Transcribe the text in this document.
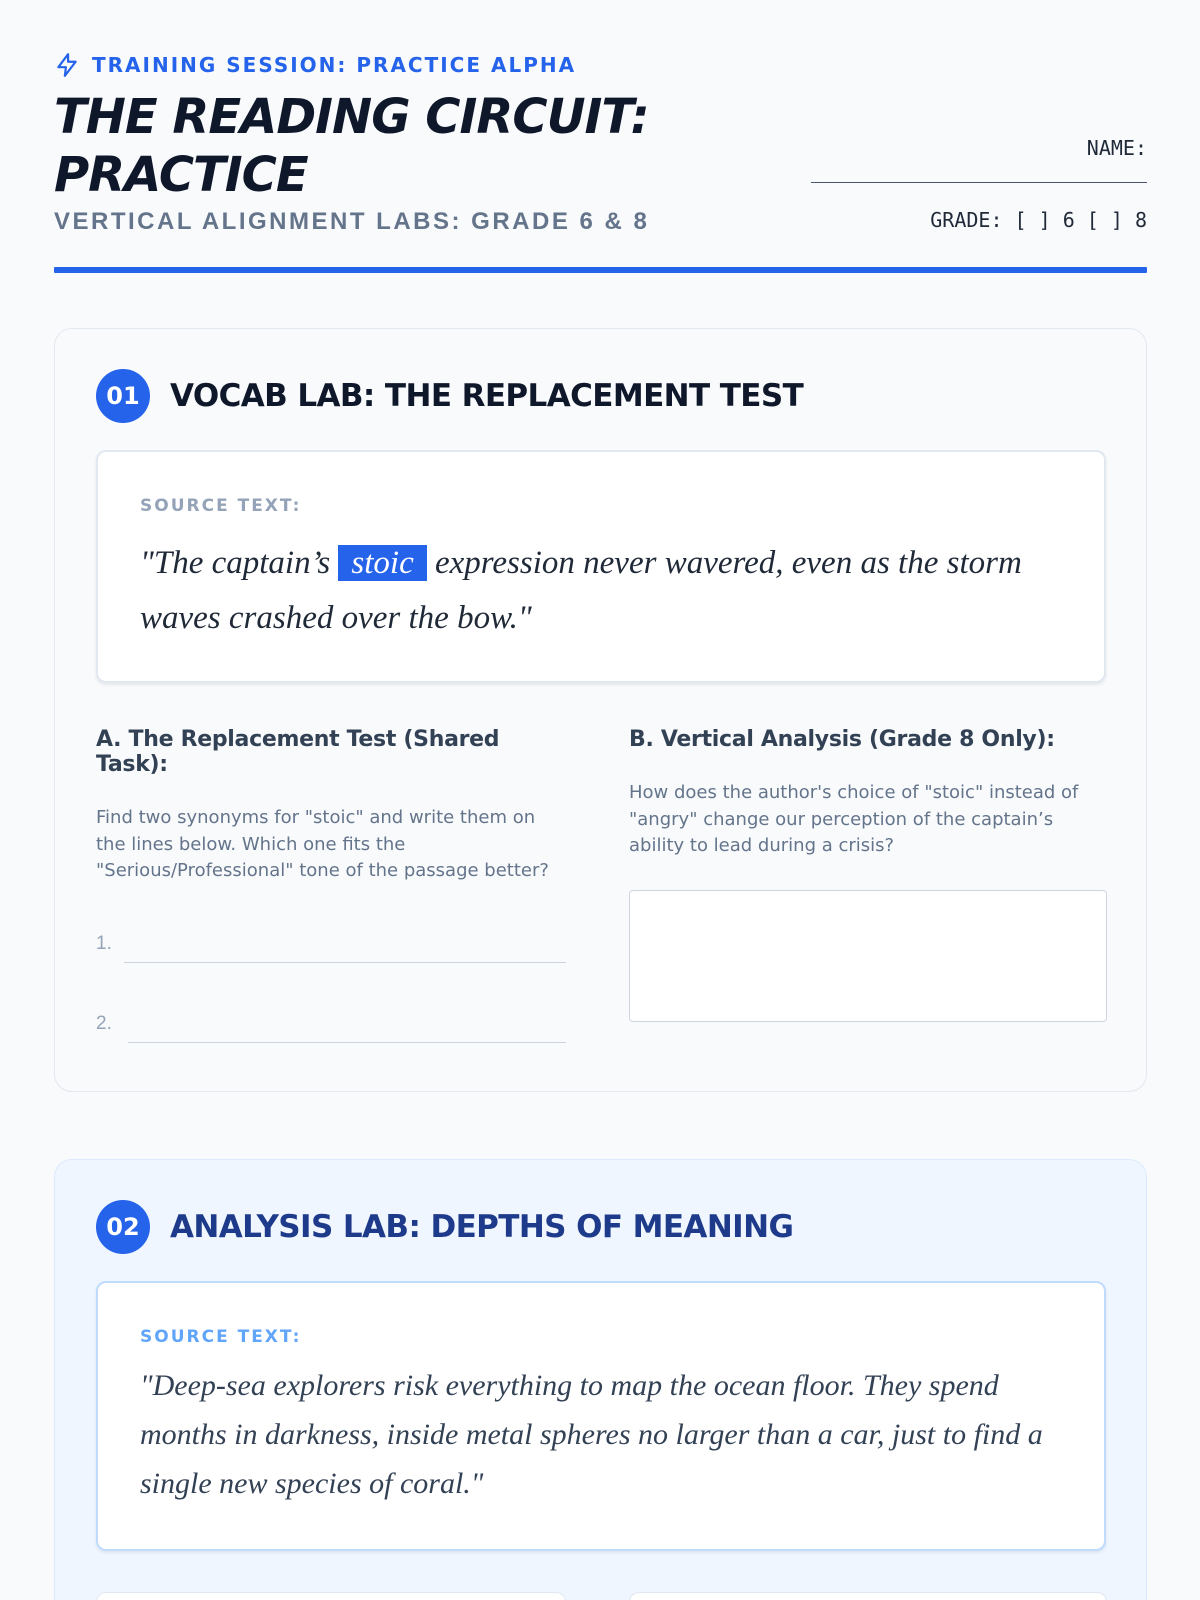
TRAINING SESSION: PRACTICE ALPHA
THE READING CIRCUIT: PRACTICE
VERTICAL ALIGNMENT LABS: GRADE 6 & 8
NAME:
GRADE: [ ] 6 [ ] 8
01 VOCAB LAB: THE REPLACEMENT TEST
SOURCE TEXT:
"The captain’s stoic expression never wavered, even as the storm waves crashed over the bow."
A. The Replacement Test (Shared Task):
Find two synonyms for "stoic" and write them on the lines below. Which one fits the "Serious/Professional" tone of the passage better?
1.
2.
B. Vertical Analysis (Grade 8 Only):
How does the author's choice of "stoic" instead of "angry" change our perception of the captain’s ability to lead during a crisis?
02 ANALYSIS LAB: DEPTHS OF MEANING
SOURCE TEXT:
"Deep-sea explorers risk everything to map the ocean floor. They spend months in darkness, inside metal spheres no larger than a car, just to find a single new species of coral."
